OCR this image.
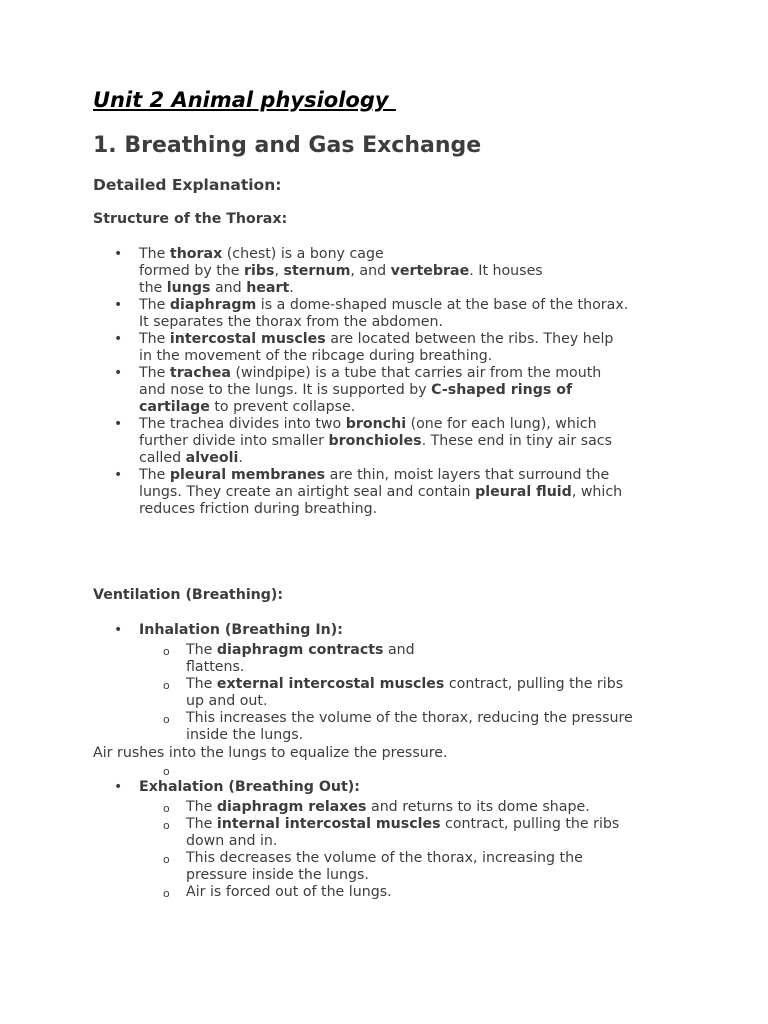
Unit 2 Animal physiology
1. Breathing and Gas Exchange
Detailed Explanation:
Structure of the Thorax:
• The thorax (chest) is a bony cage
formed by the ribs, sternum, and vertebrae. It houses
the lungs and heart.
• The diaphragm is a dome-shaped muscle at the base of the thorax.
It separates the thorax from the abdomen.
• The intercostal muscles are located between the ribs. They help
in the movement of the ribcage during breathing.
• The trachea (windpipe) is a tube that carries air from the mouth
and nose to the lungs. It is supported by C-shaped rings of
cartilage to prevent collapse.
• The trachea divides into two bronchi (one for each lung), which
further divide into smaller bronchioles. These end in tiny air sacs
called alveoli.
• The pleural membranes are thin, moist layers that surround the
lungs. They create an airtight seal and contain pleural fluid, which
reduces friction during breathing.
Ventilation (Breathing):
• Inhalation (Breathing In):
o The diaphragm contracts and
flattens.
o The external intercostal muscles contract, pulling the ribs
up and out.
o This increases the volume of the thorax, reducing the pressure
inside the lungs.

Air rushes into the lungs to equalize the pressure.

o
• Exhalation (Breathing Out):
o The diaphragm relaxes and returns to its dome shape.
o The internal intercostal muscles contract, pulling the ribs
down and in.
o This decreases the volume of the thorax, increasing the
pressure inside the lungs.
o Air is forced out of the lungs.
